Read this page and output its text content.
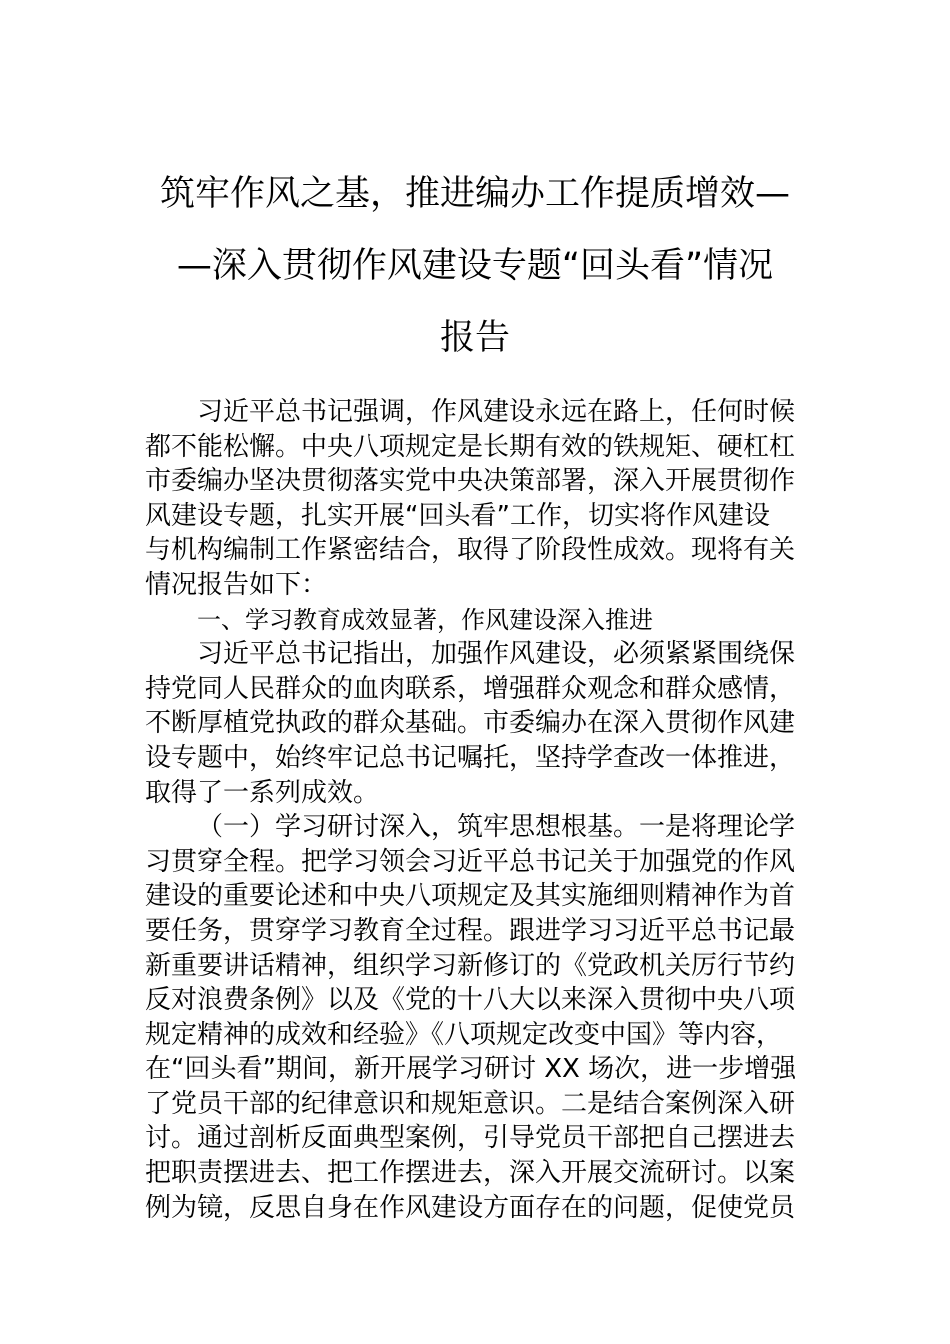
筑牢作风之基，推进编办工作提质增效—
—深入贯彻作风建设专题“回头看”情况
报告
习近平总书记强调，作风建设永远在路上，任何时候
都不能松懈。中央八项规定是长期有效的铁规矩、硬杠杠
市委编办坚决贯彻落实党中央决策部署，深入开展贯彻作
风建设专题，扎实开展“回头看”工作，切实将作风建设
与机构编制工作紧密结合，取得了阶段性成效。现将有关
情况报告如下：
一、学习教育成效显著，作风建设深入推进
习近平总书记指出，加强作风建设，必须紧紧围绕保
持党同人民群众的血肉联系，增强群众观念和群众感情，
不断厚植党执政的群众基础。市委编办在深入贯彻作风建
设专题中，始终牢记总书记嘱托，坚持学查改一体推进，
取得了一系列成效。
（一）学习研讨深入，筑牢思想根基。一是将理论学
习贯穿全程。把学习领会习近平总书记关于加强党的作风
建设的重要论述和中央八项规定及其实施细则精神作为首
要任务，贯穿学习教育全过程。跟进学习习近平总书记最
新重要讲话精神，组织学习新修订的《党政机关厉行节约
反对浪费条例》以及《党的十八大以来深入贯彻中央八项
规定精神的成效和经验》《八项规定改变中国》等内容，
在“回头看”期间，新开展学习研讨 XX 场次，进一步增强
了党员干部的纪律意识和规矩意识。二是结合案例深入研
讨。通过剖析反面典型案例，引导党员干部把自己摆进去
把职责摆进去、把工作摆进去，深入开展交流研讨。以案
例为镜，反思自身在作风建设方面存在的问题，促使党员
